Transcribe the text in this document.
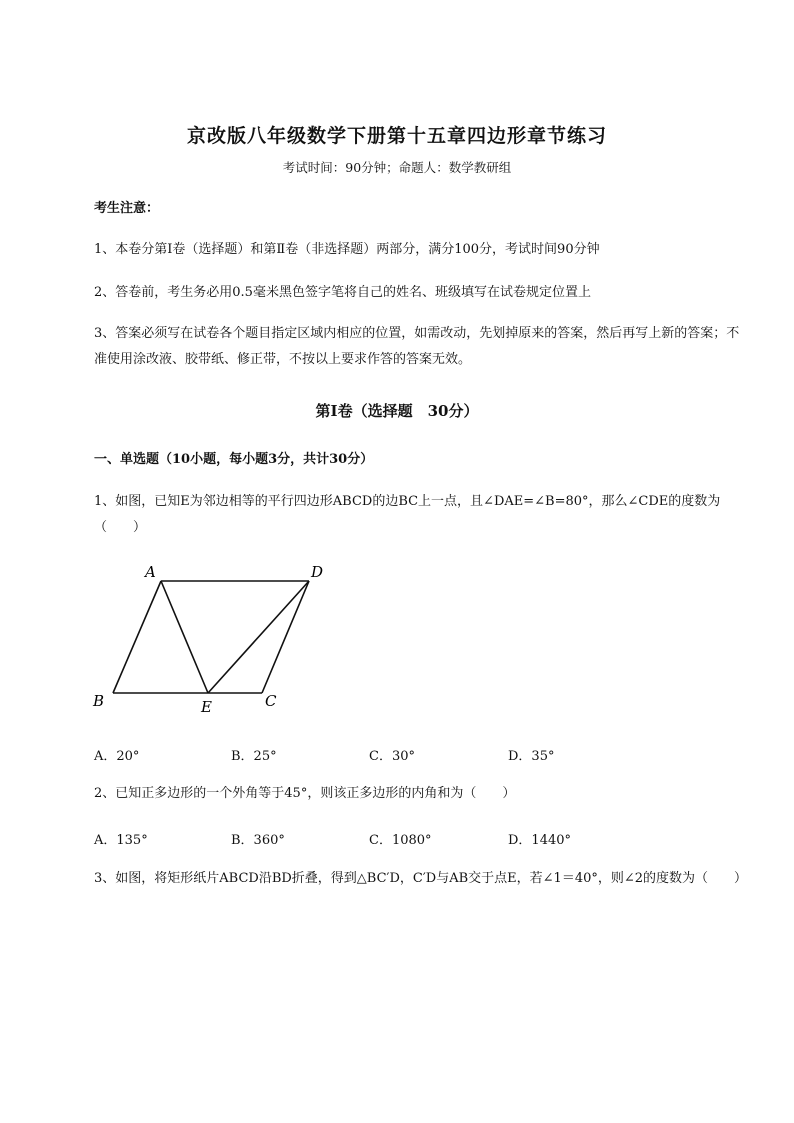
京改版八年级数学下册第十五章四边形章节练习
考试时间：90分钟；命题人：数学教研组
考生注意：
1、本卷分第I卷（选择题）和第Ⅱ卷（非选择题）两部分，满分100分，考试时间90分钟
2、答卷前，考生务必用0.5毫米黑色签字笔将自己的姓名、班级填写在试卷规定位置上
3、答案必须写在试卷各个题目指定区域内相应的位置，如需改动，先划掉原来的答案，然后再写上新的答案；不准使用涂改液、胶带纸、修正带，不按以上要求作答的答案无效。
第I卷（选择题　30分）
一、单选题（10小题，每小题3分，共计30分）
1、如图，已知E为邻边相等的平行四边形ABCD的边BC上一点，且∠DAE=∠B=80°，那么∠CDE的度数为（　　）
A	D
B	E	C
A．20°	B．25°	C．30°	D．35°
2、已知正多边形的一个外角等于45°，则该正多边形的内角和为（　　）
A．135°	B．360°	C．1080°	D．1440°
3、如图，将矩形纸片ABCD沿BD折叠，得到△BC′D，C′D与AB交于点E，若∠1＝40°，则∠2的度数为（　　）
